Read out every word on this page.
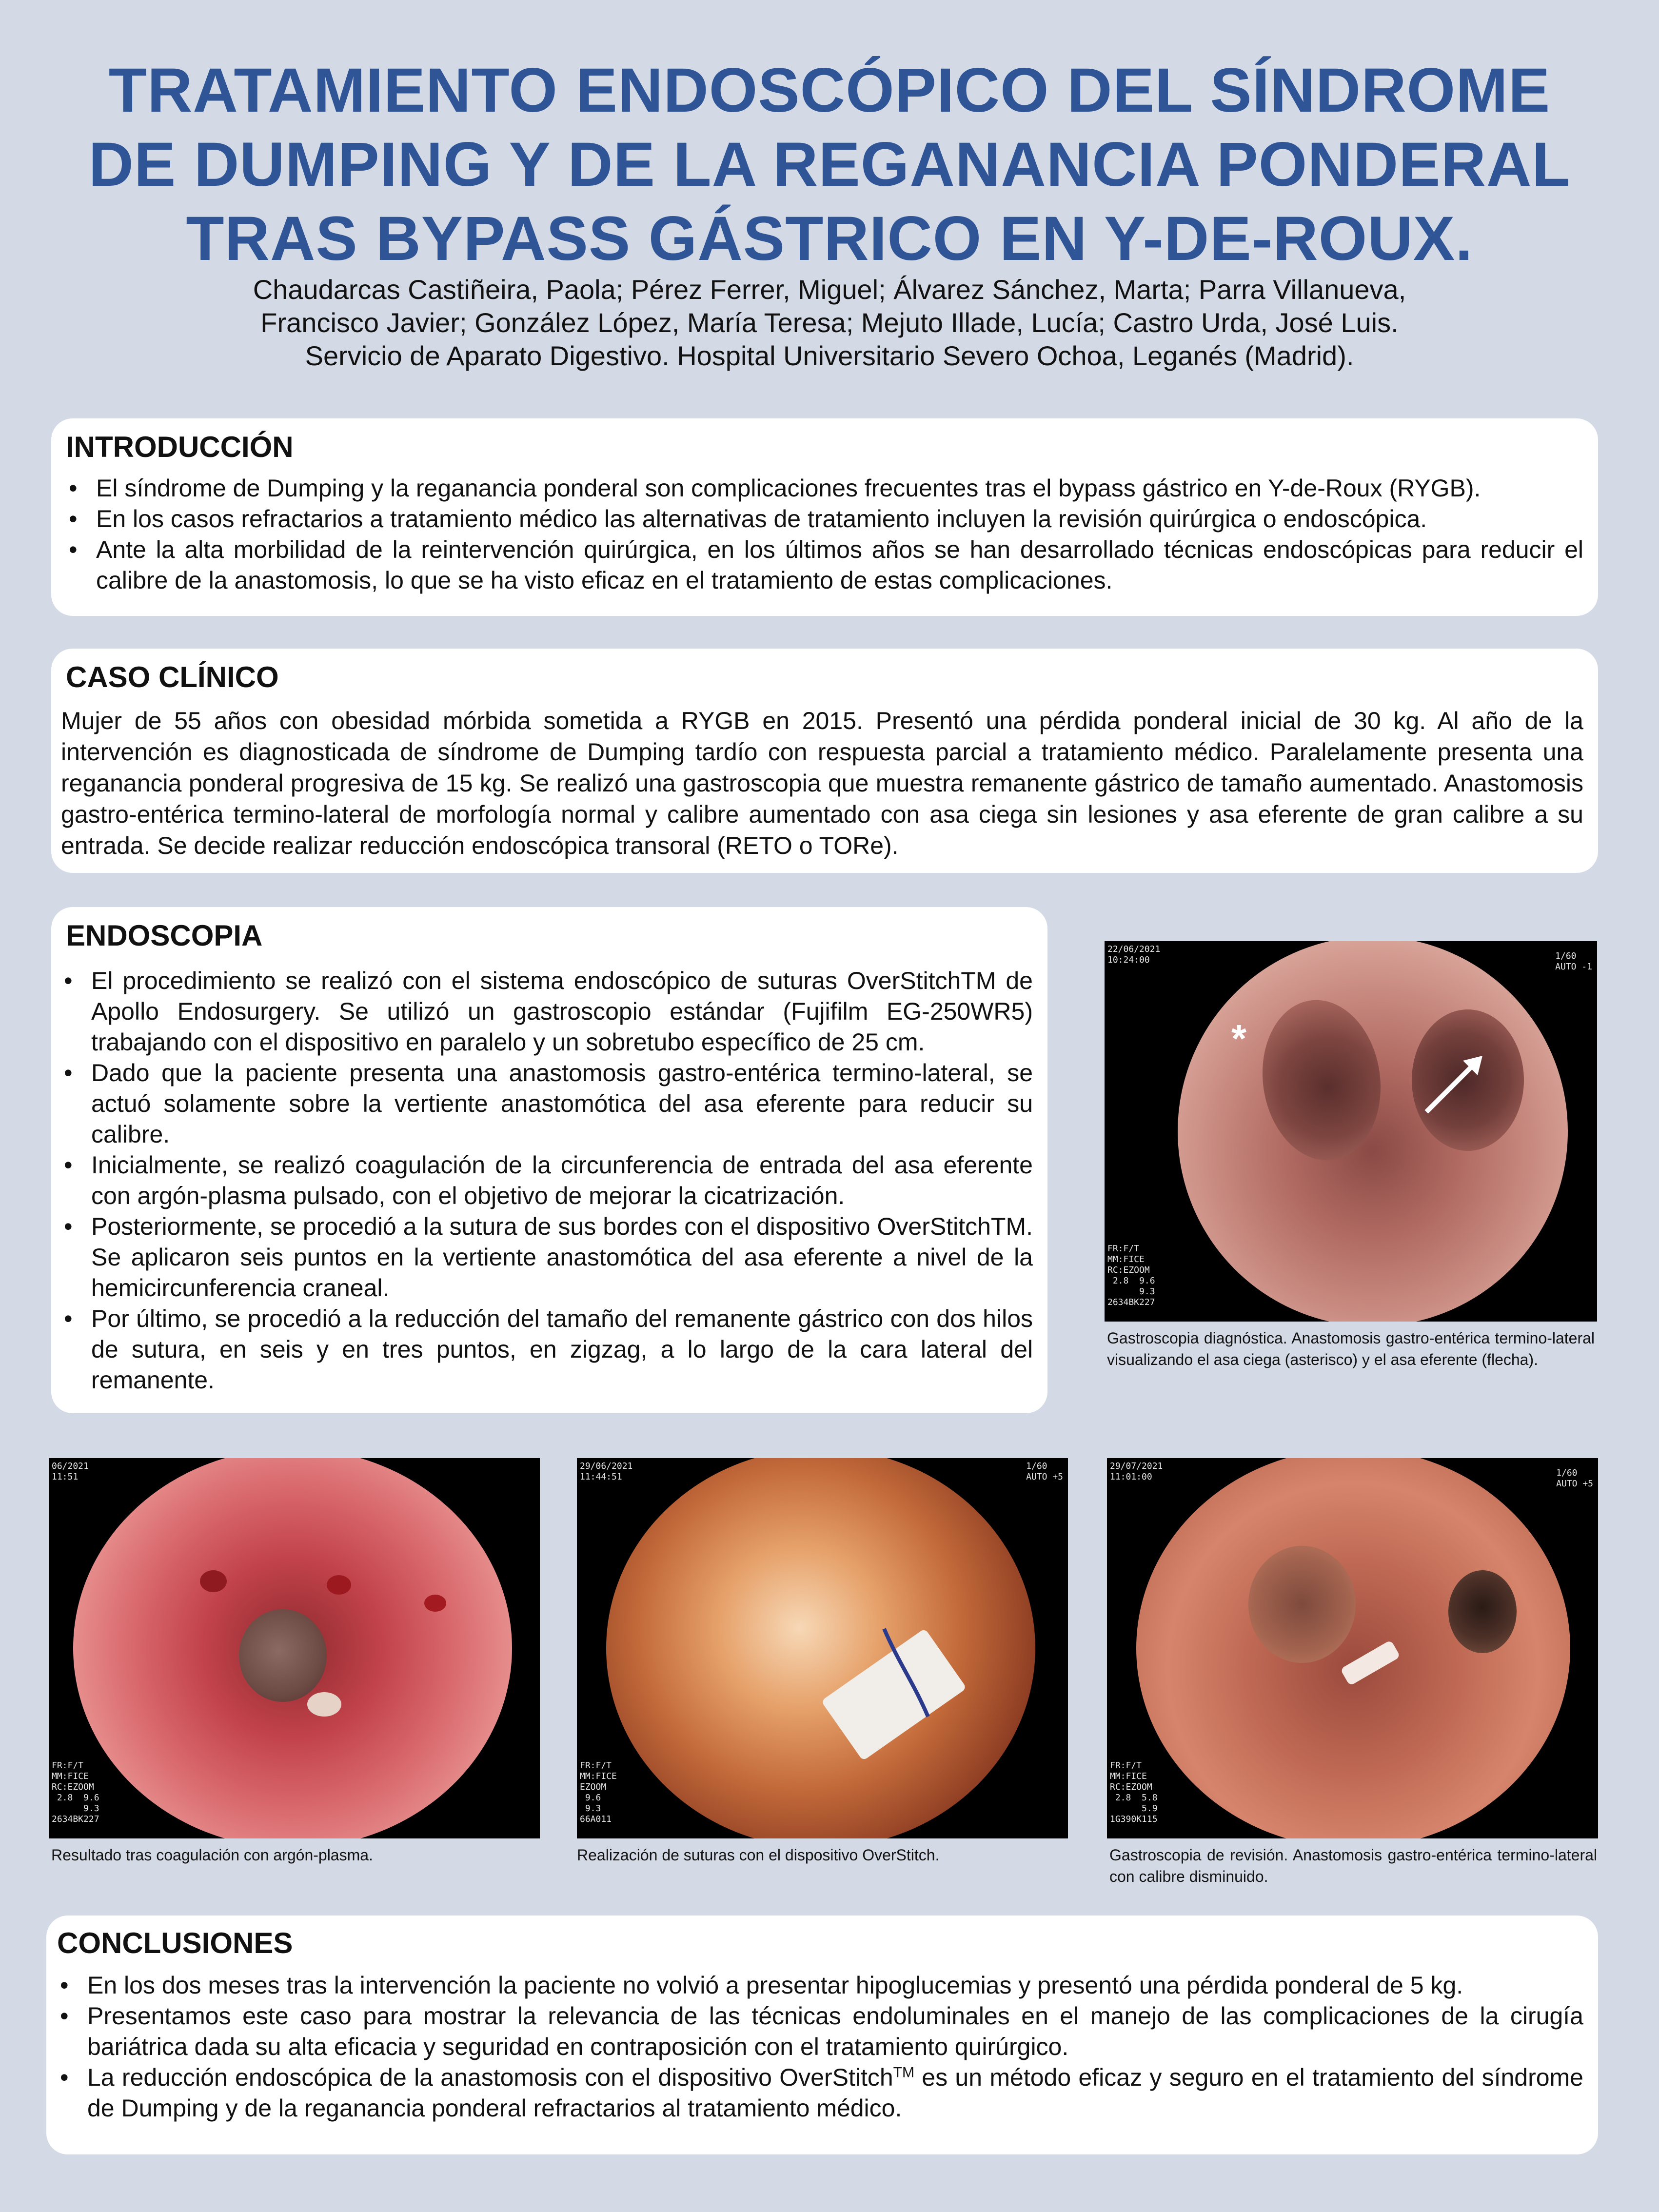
TRATAMIENTO ENDOSCÓPICO DEL SÍNDROME
DE DUMPING Y DE LA REGANANCIA PONDERAL
TRAS BYPASS GÁSTRICO EN Y-DE-ROUX.
Chaudarcas Castiñeira, Paola; Pérez Ferrer, Miguel; Álvarez Sánchez, Marta; Parra Villanueva,
Francisco Javier; González López, María Teresa; Mejuto Illade, Lucía; Castro Urda, José Luis.
Servicio de Aparato Digestivo. Hospital Universitario Severo Ochoa, Leganés (Madrid).
INTRODUCCIÓN
• El síndrome de Dumping y la reganancia ponderal son complicaciones frecuentes tras el bypass gástrico en Y-de-Roux (RYGB).
• En los casos refractarios a tratamiento médico las alternativas de tratamiento incluyen la revisión quirúrgica o endoscópica.
• Ante la alta morbilidad de la reintervención quirúrgica, en los últimos años se han desarrollado técnicas endoscópicas para reducir el calibre de la anastomosis, lo que se ha visto eficaz en el tratamiento de estas complicaciones.
CASO CLÍNICO

Mujer de 55 años con obesidad mórbida sometida a RYGB en 2015. Presentó una pérdida ponderal inicial de 30 kg. Al año de la intervención es diagnosticada de síndrome de Dumping tardío con respuesta parcial a tratamiento médico. Paralelamente presenta una reganancia ponderal progresiva de 15 kg. Se realizó una gastroscopia que muestra remanente gástrico de tamaño aumentado. Anastomosis gastro-entérica termino-lateral de morfología normal y calibre aumentado con asa ciega sin lesiones y asa eferente de gran calibre a su entrada. Se decide realizar reducción endoscópica transoral (RETO o TORe).

ENDOSCOPIA
• El procedimiento se realizó con el sistema endoscópico de suturas OverStitchTM de Apollo Endosurgery. Se utilizó un gastroscopio estándar (Fujifilm EG-250WR5) trabajando con el dispositivo en paralelo y un sobretubo específico de 25 cm.
• Dado que la paciente presenta una anastomosis gastro-entérica termino-lateral, se actuó solamente sobre la vertiente anastomótica del asa eferente para reducir su calibre.
• Inicialmente, se realizó coagulación de la circunferencia de entrada del asa eferente con argón-plasma pulsado, con el objetivo de mejorar la cicatrización.
• Posteriormente, se procedió a la sutura de sus bordes con el dispositivo OverStitchTM. Se aplicaron seis puntos en la vertiente anastomótica del asa eferente a nivel de la hemicircunferencia craneal.
• Por último, se procedió a la reducción del tamaño del remanente gástrico con dos hilos de sutura, en seis y en tres puntos, en zigzag, a lo largo de la cara lateral del remanente.
*
22/06/2021
10:24:00	1/60
AUTO -1
FR:F/T
MM:FICE
RC:EZOOM
2.8  9.6
9.3
2634BK227
Gastroscopia diagnóstica. Anastomosis gastro-entérica termino-lateral visualizando el asa ciega (asterisco) y el asa eferente (flecha).
06/2021
11:51
FR:F/T
MM:FICE
RC:EZOOM
2.8  9.6
9.3
2634BK227
Resultado tras coagulación con argón-plasma.
29/06/2021
11:44:51
1/60
AUTO +5
FR:F/T
MM:FICE
EZOOM
9.6
9.3
66A011
Realización de suturas con el dispositivo OverStitch.
29/07/2021
11:01:00	1/60
AUTO +5
FR:F/T
MM:FICE
RC:EZOOM
2.8  5.8
5.9
1G390K115
Gastroscopia de revisión. Anastomosis gastro-entérica termino-lateral con calibre disminuido.
CONCLUSIONES
• En los dos meses tras la intervención la paciente no volvió a presentar hipoglucemias y presentó una pérdida ponderal de 5 kg.
• Presentamos este caso para mostrar la relevancia de las técnicas endoluminales en el manejo de las complicaciones de la cirugía bariátrica dada su alta eficacia y seguridad en contraposición con el tratamiento quirúrgico.
• La reducción endoscópica de la anastomosis con el dispositivo OverStitch™ es un método eficaz y seguro en el tratamiento del síndrome de Dumping y de la reganancia ponderal refractarios al tratamiento médico.
